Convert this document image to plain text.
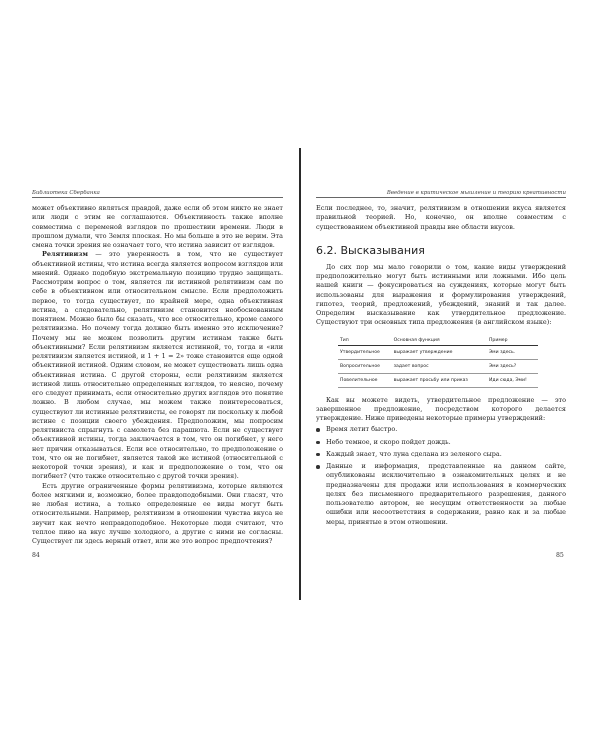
Библиотека Сбербанка

может объективно являться правдой, даже если об этом никто не знает или люди с этим не соглашаются. Объективность также вполне совместима с переменой взглядов по прошествии времени. Люди в прошлом думали, что Земля плоская. Но мы больше в это не верим. Эта смена точки зрения не означает того, что истина зависит от взглядов.

Релятивизм — это уверенность в том, что не существует объективной истины, что истина всегда является вопросом взглядов или мнений. Однако подобную экстремальную позицию трудно защищать. Рассмотрим вопрос о том, является ли истинной релятивизм сам по себе в объективном или относительном смысле. Если предположить первое, то тогда существует, по крайней мере, одна объективная истина, а следовательно, релятивизм становится необоснованным понятием. Можно было бы сказать, что все относительно, кроме самого релятивизма. Но почему тогда должно быть именно это исключение? Почему мы не можем позволить другим истинам также быть объективными? Если релятивизм является истинной, то, тогда и «или релятивизм является истиной, и 1 + 1 = 2» тоже становится еще одной объективной истиной. Одним словом, не может существовать лишь одна объективная истина. С другой стороны, если релятивизм является истиной лишь относительно определенных взглядов, то неясно, почему его следует принимать, если относительно других взглядов это понятие ложно. В любом случае, мы можем также поинтересоваться, существуют ли истинные релятивисты, ее говорят ли поскольку к любой истине с позиции своего убеждения. Предположим, мы попросим релятивиста спрыгнуть с самолета без парашюта. Если не существует объективной истины, тогда заключается в том, что он погибнет, у него нет причин отказываться. Если все относительно, то предположение о том, что он не погибнет, является такой же истиной (относительной с некоторой точки зрения), и как и предположение о том, что он погибнет? (что также относительно с другой точки зрения).

Есть другие ограниченные формы релятивизма, которые являются более мягкими и, возможно, более правдоподобными. Они гласят, что не любая истина, а только определенные ее виды могут быть относительными. Например, релятивизм в отношении чувства вкуса не звучит как нечто неправдоподобное. Некоторые люди считают, что теплое пиво на вкус лучше холодного, а другие с ними не согласны. Существует ли здесь верный ответ, или же это вопрос предпочтения?

84
Введение в критическое мышление и теорию креативности

Если последнее, то, значит, релятивизм в отношении вкуса является правильной теорией. Но, конечно, он вполне совместим с существованием объективной правды вне области вкусов.

6.2. Высказывания

До сих пор мы мало говорили о том, какие виды утверждений предположительно могут быть истинными или ложными. Ибо цель нашей книги — фокусироваться на суждениях, которые могут быть использованы для выражения и формулирования утверждений, гипотез, теорий, предложений, убеждений, знаний и так далее. Определим высказывание как утвердительное предложение. Существуют три основных типа предложения (в английском языке):

Тип	Основная функция	Пример
Утвердительное	выражает утверждение	Эми здесь.
Вопросительное	задает вопрос	Эми здесь?
Повелительное	выражает просьбу или приказ	Иди сюда, Эми!

Как вы можете видеть, утвердительное предложение — это завершенное предложение, посредством которого делается утверждение. Ниже приведены некоторые примеры утверждений:

Время летит быстро.
Небо темное, и скоро пойдет дождь.
Каждый знает, что луна сделана из зеленого сыра.
Данные и информация, представленные на данном сайте, опубликованы исключительно в ознакомительных целях и не предназначены для продажи или использования в коммерческих целях без письменного предварительного разрешения, данного пользователю автором, не несущим ответственности за любые ошибки или несоответствия в содержании, равно как и за любые меры, принятые в этом отношении.
85
